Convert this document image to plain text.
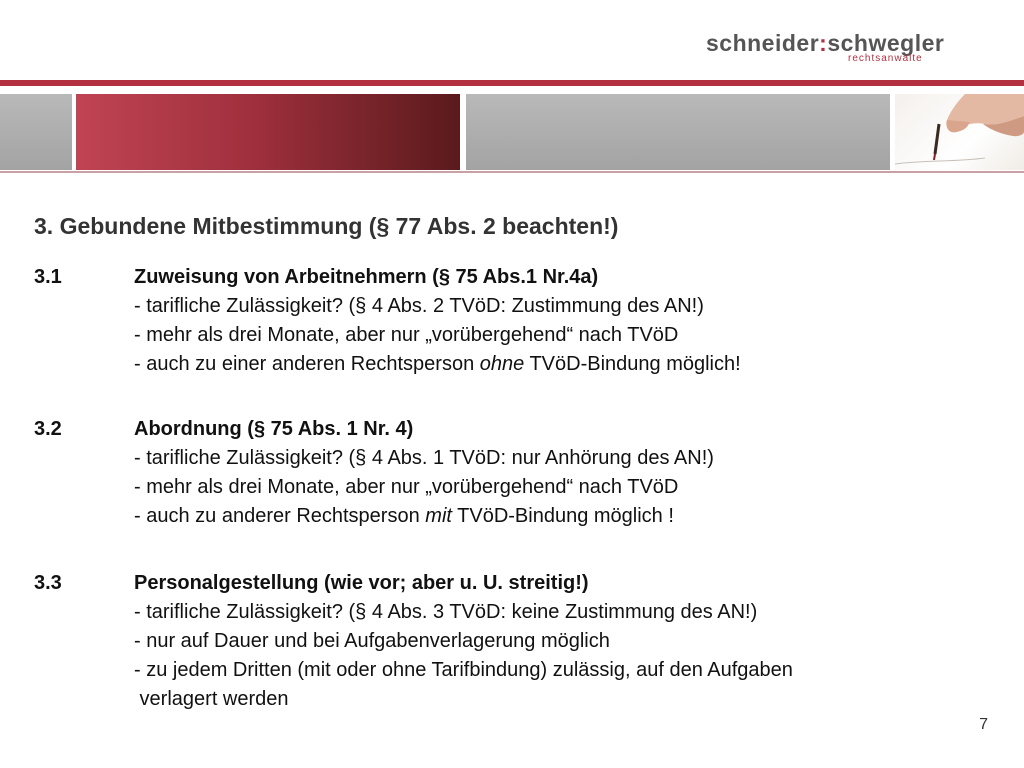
schneider:schwegler
rechtsanwälte
3. Gebundene Mitbestimmung (§ 77 Abs. 2 beachten!)
3.1	Zuweisung von Arbeitnehmern (§ 75 Abs.1 Nr.4a)
- tarifliche Zulässigkeit? (§ 4 Abs. 2 TVöD: Zustimmung des AN!)
- mehr als drei Monate, aber nur „vorübergehend“ nach TVöD
- auch zu einer anderen Rechtsperson ohne TVöD-Bindung möglich!
3.2	Abordnung (§ 75 Abs. 1 Nr. 4)
- tarifliche Zulässigkeit? (§ 4 Abs. 1 TVöD: nur Anhörung des AN!)
- mehr als drei Monate, aber nur „vorübergehend“ nach TVöD
- auch zu anderer Rechtsperson mit TVöD-Bindung möglich !
3.3	Personalgestellung (wie vor; aber u. U. streitig!)
- tarifliche Zulässigkeit? (§ 4 Abs. 3 TVöD: keine Zustimmung des AN!)
- nur auf Dauer und bei Aufgabenverlagerung möglich
- zu jedem Dritten (mit oder ohne Tarifbindung) zulässig, auf den Aufgaben
verlagert werden
7
